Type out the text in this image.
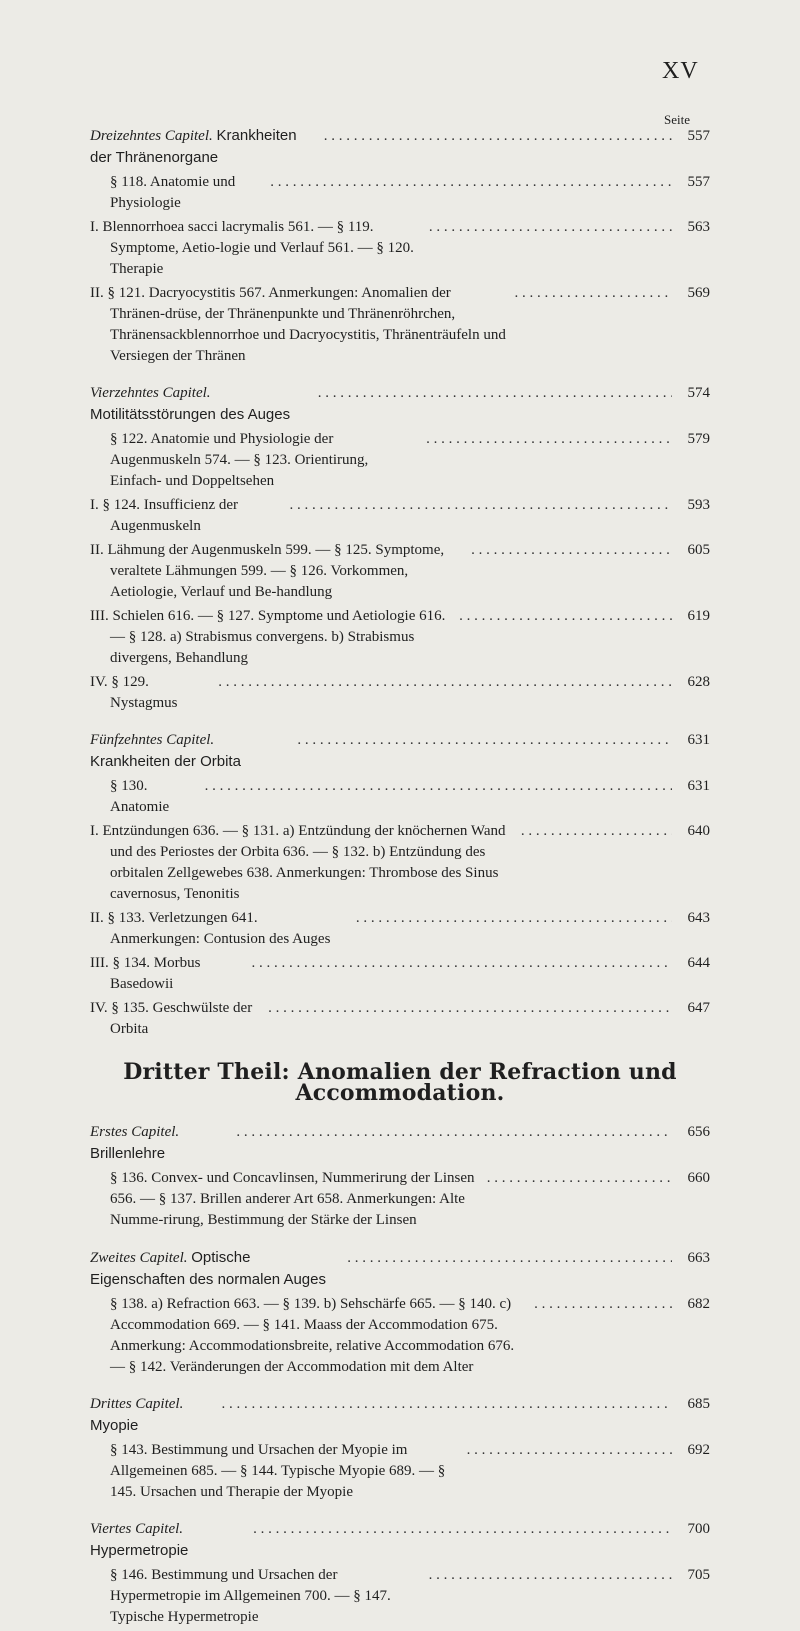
XV
Seite
Dreizehntes Capitel. Krankheiten der Thränenorgane
. . .
557
§ 118. Anatomie und Physiologie
. . .
557
I. Blennorrhoea sacci lacrymalis 561. — § 119. Symptome, Aetio-logie und Verlauf 561. — § 120. Therapie
. . .
563
II. § 121. Dacryocystitis 567. Anmerkungen: Anomalien der Thränen-drüse, der Thränenpunkte und Thränenröhrchen, Thränensackblennorrhoe und Dacryocystitis, Thränenträufeln und Versiegen der Thränen
. . .
569
Vierzehntes Capitel. Motilitätsstörungen des Auges
. . .
574
§ 122. Anatomie und Physiologie der Augenmuskeln 574. — § 123. Orientirung, Einfach- und Doppeltsehen
. . .
579
I. § 124. Insufficienz der Augenmuskeln
. . .
593
II. Lähmung der Augenmuskeln 599. — § 125. Symptome, veraltete Lähmungen 599. — § 126. Vorkommen, Aetiologie, Verlauf und Be-handlung
. . .
605
III. Schielen 616. — § 127. Symptome und Aetiologie 616. — § 128. a) Strabismus convergens. b) Strabismus divergens, Behandlung
. . .
619
IV. § 129. Nystagmus
. . .
628
Fünfzehntes Capitel. Krankheiten der Orbita
. . .
631
§ 130. Anatomie
. . .
631
I. Entzündungen 636. — § 131. a) Entzündung der knöchernen Wand und des Periostes der Orbita 636. — § 132. b) Entzündung des orbitalen Zellgewebes 638. Anmerkungen: Thrombose des Sinus cavernosus, Tenonitis
. . .
640
II. § 133. Verletzungen 641. Anmerkungen: Contusion des Auges
. . .
643
III. § 134. Morbus Basedowii
. . .
644
IV. § 135. Geschwülste der Orbita
. . .
647
Dritter Theil: Anomalien der Refraction und Accommodation.
Erstes Capitel. Brillenlehre
. . .
656
§ 136. Convex- und Concavlinsen, Nummerirung der Linsen 656. — § 137. Brillen anderer Art 658. Anmerkungen: Alte Numme-rirung, Bestimmung der Stärke der Linsen
. . .
660
Zweites Capitel. Optische Eigenschaften des normalen Auges
. . .
663
§ 138. a) Refraction 663. — § 139. b) Sehschärfe 665. — § 140. c) Accommodation 669. — § 141. Maass der Accommodation 675. Anmerkung: Accommodationsbreite, relative Accommodation 676. — § 142. Veränderungen der Accommodation mit dem Alter
. . .
682
Drittes Capitel. Myopie
. . .
685
§ 143. Bestimmung und Ursachen der Myopie im Allgemeinen 685. — § 144. Typische Myopie 689. — § 145. Ursachen und Therapie der Myopie
. . .
692
Viertes Capitel. Hypermetropie
. . .
700
§ 146. Bestimmung und Ursachen der Hypermetropie im Allgemeinen 700. — § 147. Typische Hypermetropie
. . .
705
